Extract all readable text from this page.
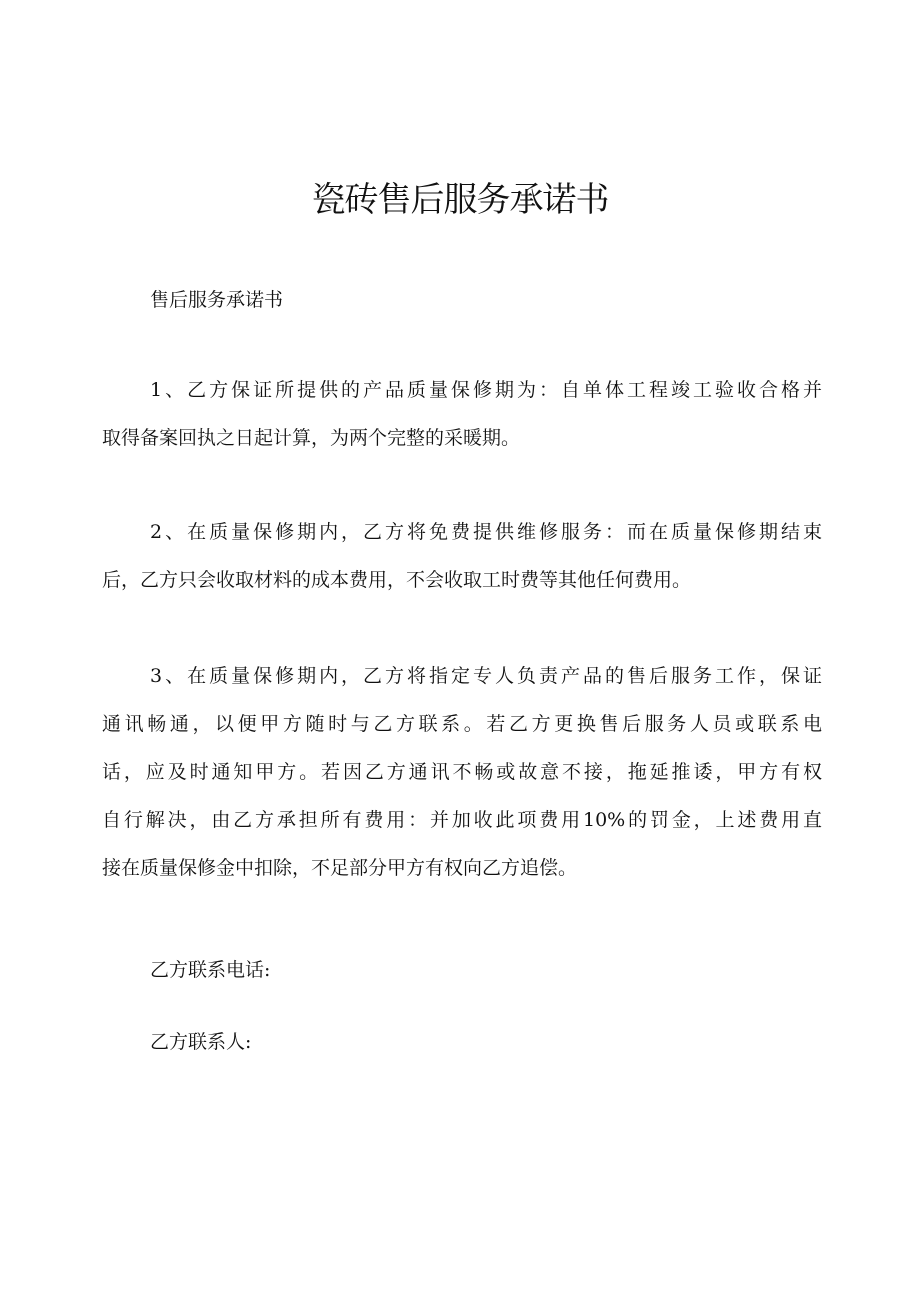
瓷砖售后服务承诺书

售后服务承诺书

1、乙方保证所提供的产品质量保修期为：自单体工程竣工验收合格并
取得备案回执之日起计算，为两个完整的采暖期。
2、在质量保修期内，乙方将免费提供维修服务：而在质量保修期结束
后，乙方只会收取材料的成本费用，不会收取工时费等其他任何费用。
3、在质量保修期内，乙方将指定专人负责产品的售后服务工作，保证
通讯畅通，以便甲方随时与乙方联系。若乙方更换售后服务人员或联系电
话，应及时通知甲方。若因乙方通讯不畅或故意不接，拖延推诿，甲方有权
自行解决，由乙方承担所有费用：并加收此项费用10%的罚金，上述费用直
接在质量保修金中扣除，不足部分甲方有权向乙方追偿。

乙方联系电话:

乙方联系人:
